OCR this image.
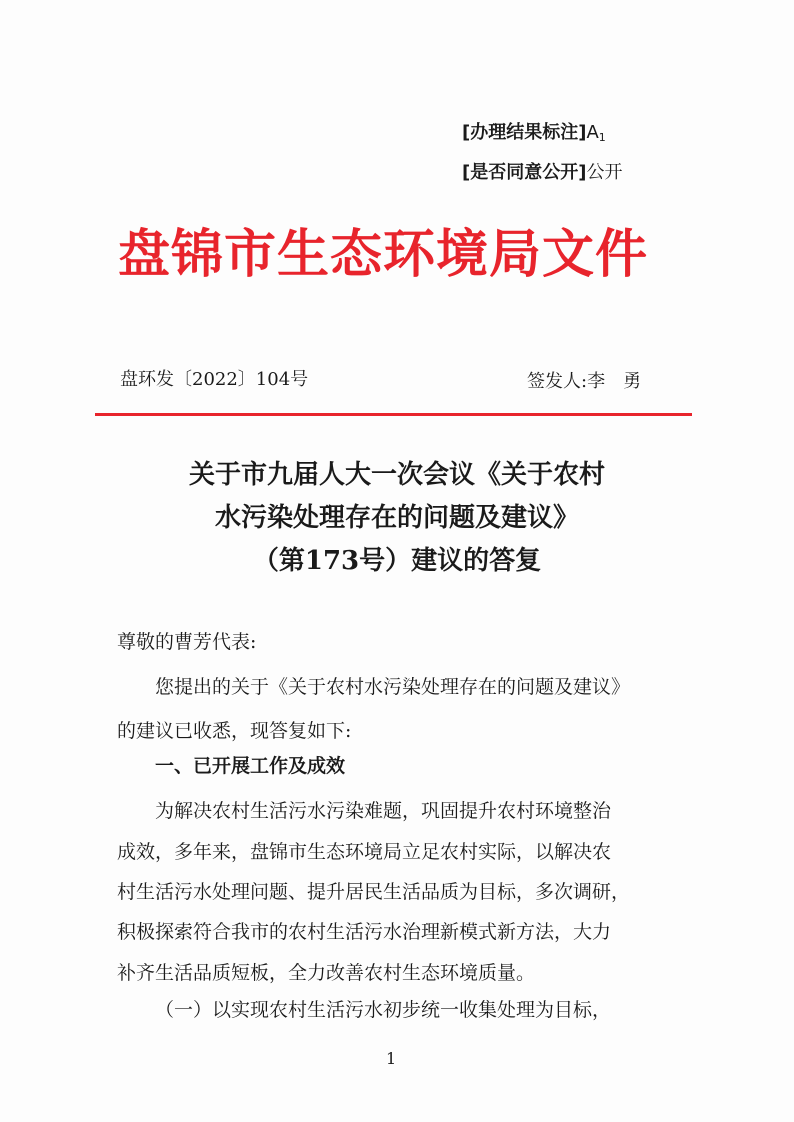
[办理结果标注]$A_1$
[是否同意公开]公开
盘锦市生态环境局文件
盘环发〔2022〕104号	签发人:李　勇
关于市九届人大一次会议《关于农村
水污染处理存在的问题及建议》
（第173号）建议的答复
尊敬的曹芳代表:
您提出的关于《关于农村水污染处理存在的问题及建议》
的建议已收悉，现答复如下:
一、已开展工作及成效
为解决农村生活污水污染难题，巩固提升农村环境整治
成效，多年来，盘锦市生态环境局立足农村实际，以解决农
村生活污水处理问题、提升居民生活品质为目标，多次调研，
积极探索符合我市的农村生活污水治理新模式新方法，大力
补齐生活品质短板，全力改善农村生态环境质量。
（一）以实现农村生活污水初步统一收集处理为目标，
1
